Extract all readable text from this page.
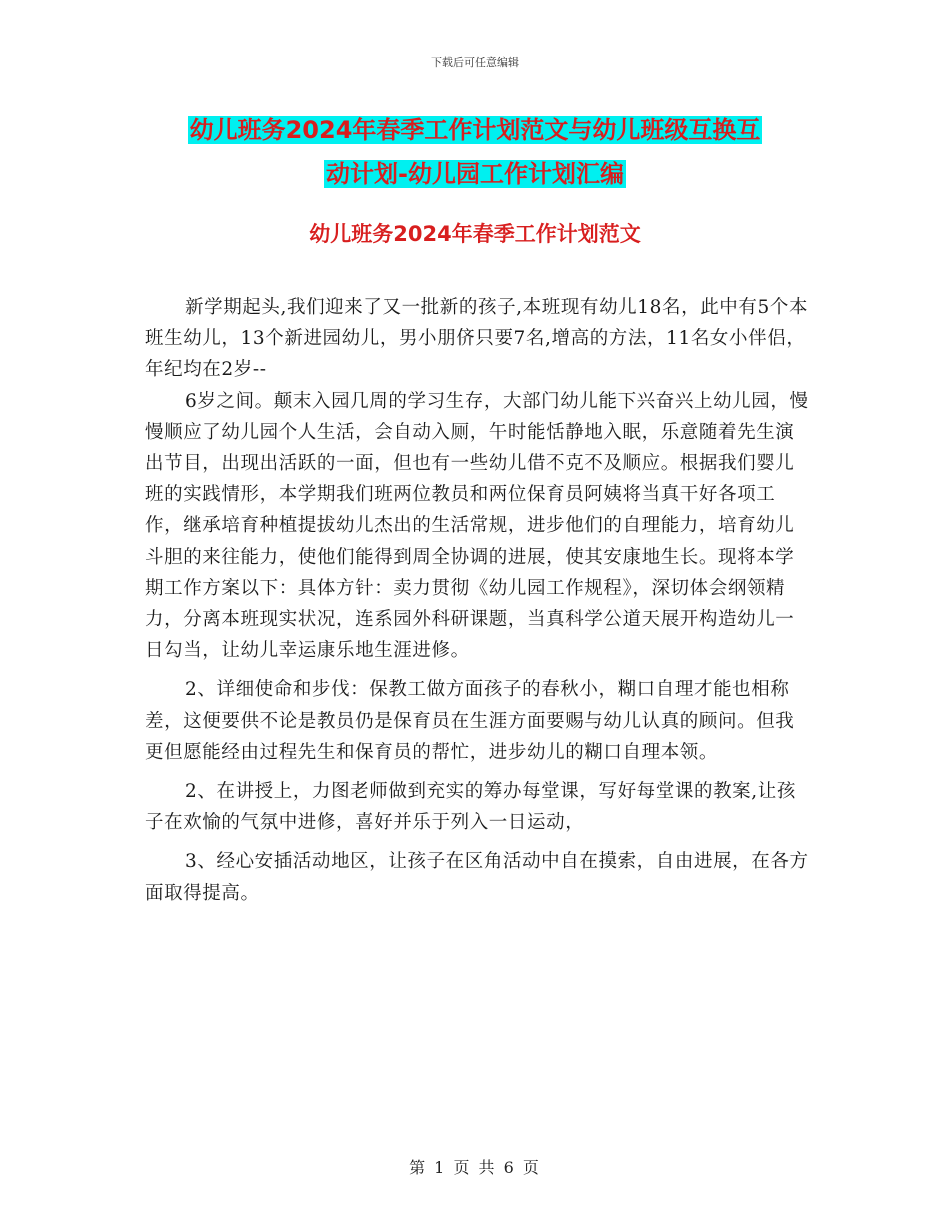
下载后可任意编辑
幼儿班务2024年春季工作计划范文与幼儿班级互换互
动计划-幼儿园工作计划汇编
幼儿班务2024年春季工作计划范文

新学期起头,我们迎来了又一批新的孩子,本班现有幼儿18名，此中有5个本班生幼儿，13个新进园幼儿，男小朋侪只要7名,增高的方法，11名女小伴侣，年纪均在2岁--

6岁之间。颠末入园几周的学习生存，大部门幼儿能下兴奋兴上幼儿园，慢慢顺应了幼儿园个人生活，会自动入厕，午时能恬静地入眠，乐意随着先生演出节目，出现出活跃的一面，但也有一些幼儿借不克不及顺应。根据我们婴儿班的实践情形，本学期我们班两位教员和两位保育员阿姨将当真干好各项工作，继承培育种植提拔幼儿杰出的生活常规，进步他们的自理能力，培育幼儿斗胆的来往能力，使他们能得到周全协调的进展，使其安康地生长。现将本学期工作方案以下：具体方针：卖力贯彻《幼儿园工作规程》，深切体会纲领精力，分离本班现实状况，连系园外科研课题，当真科学公道天展开构造幼儿一日勾当，让幼儿幸运康乐地生涯进修。

2、详细使命和步伐：保教工做方面孩子的春秋小，糊口自理才能也相称差，这便要供不论是教员仍是保育员在生涯方面要赐与幼儿认真的顾问。但我更但愿能经由过程先生和保育员的帮忙，进步幼儿的糊口自理本领。

2、在讲授上，力图老师做到充实的筹办每堂课，写好每堂课的教案,让孩子在欢愉的气氛中进修，喜好并乐于列入一日运动，

3、经心安插活动地区，让孩子在区角活动中自在摸索，自由进展，在各方面取得提高。

第 1 页 共 6 页
